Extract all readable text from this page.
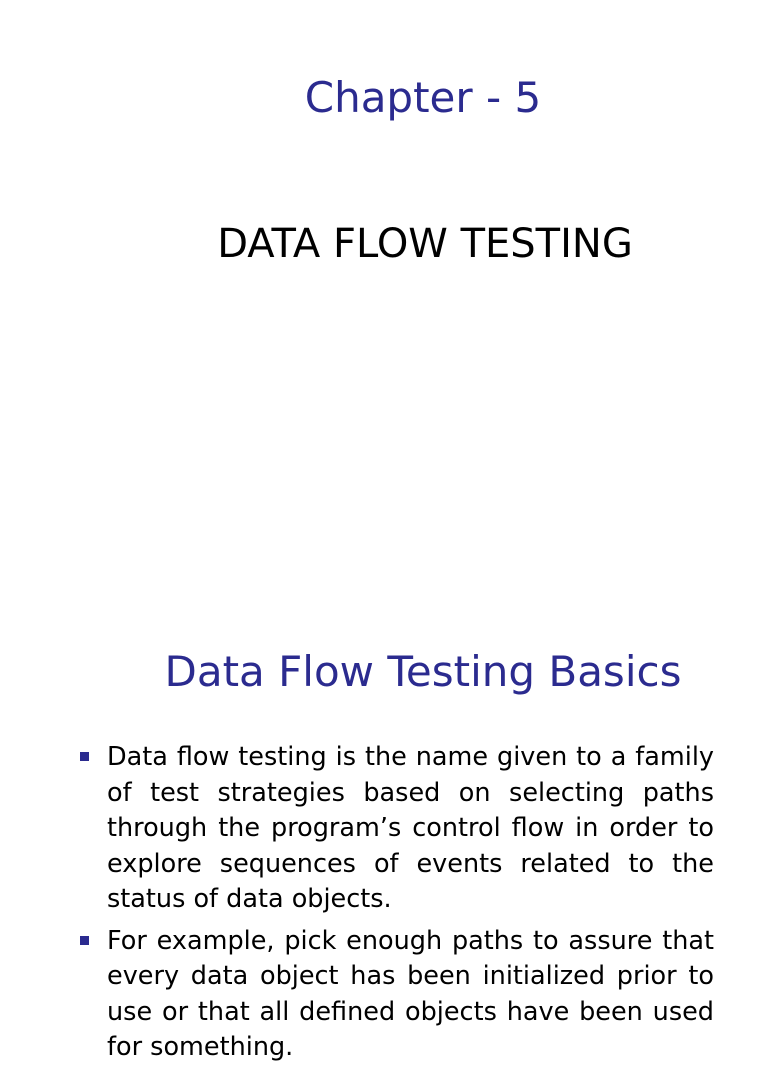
Chapter - 5
DATA FLOW TESTING
Data Flow Testing Basics
Data flow testing is the name given to a family of test strategies based on selecting paths through the program’s control flow in order to explore sequences of events related to the status of data objects.
For example, pick enough paths to assure that every data object has been initialized prior to use or that all defined objects have been used for something.
